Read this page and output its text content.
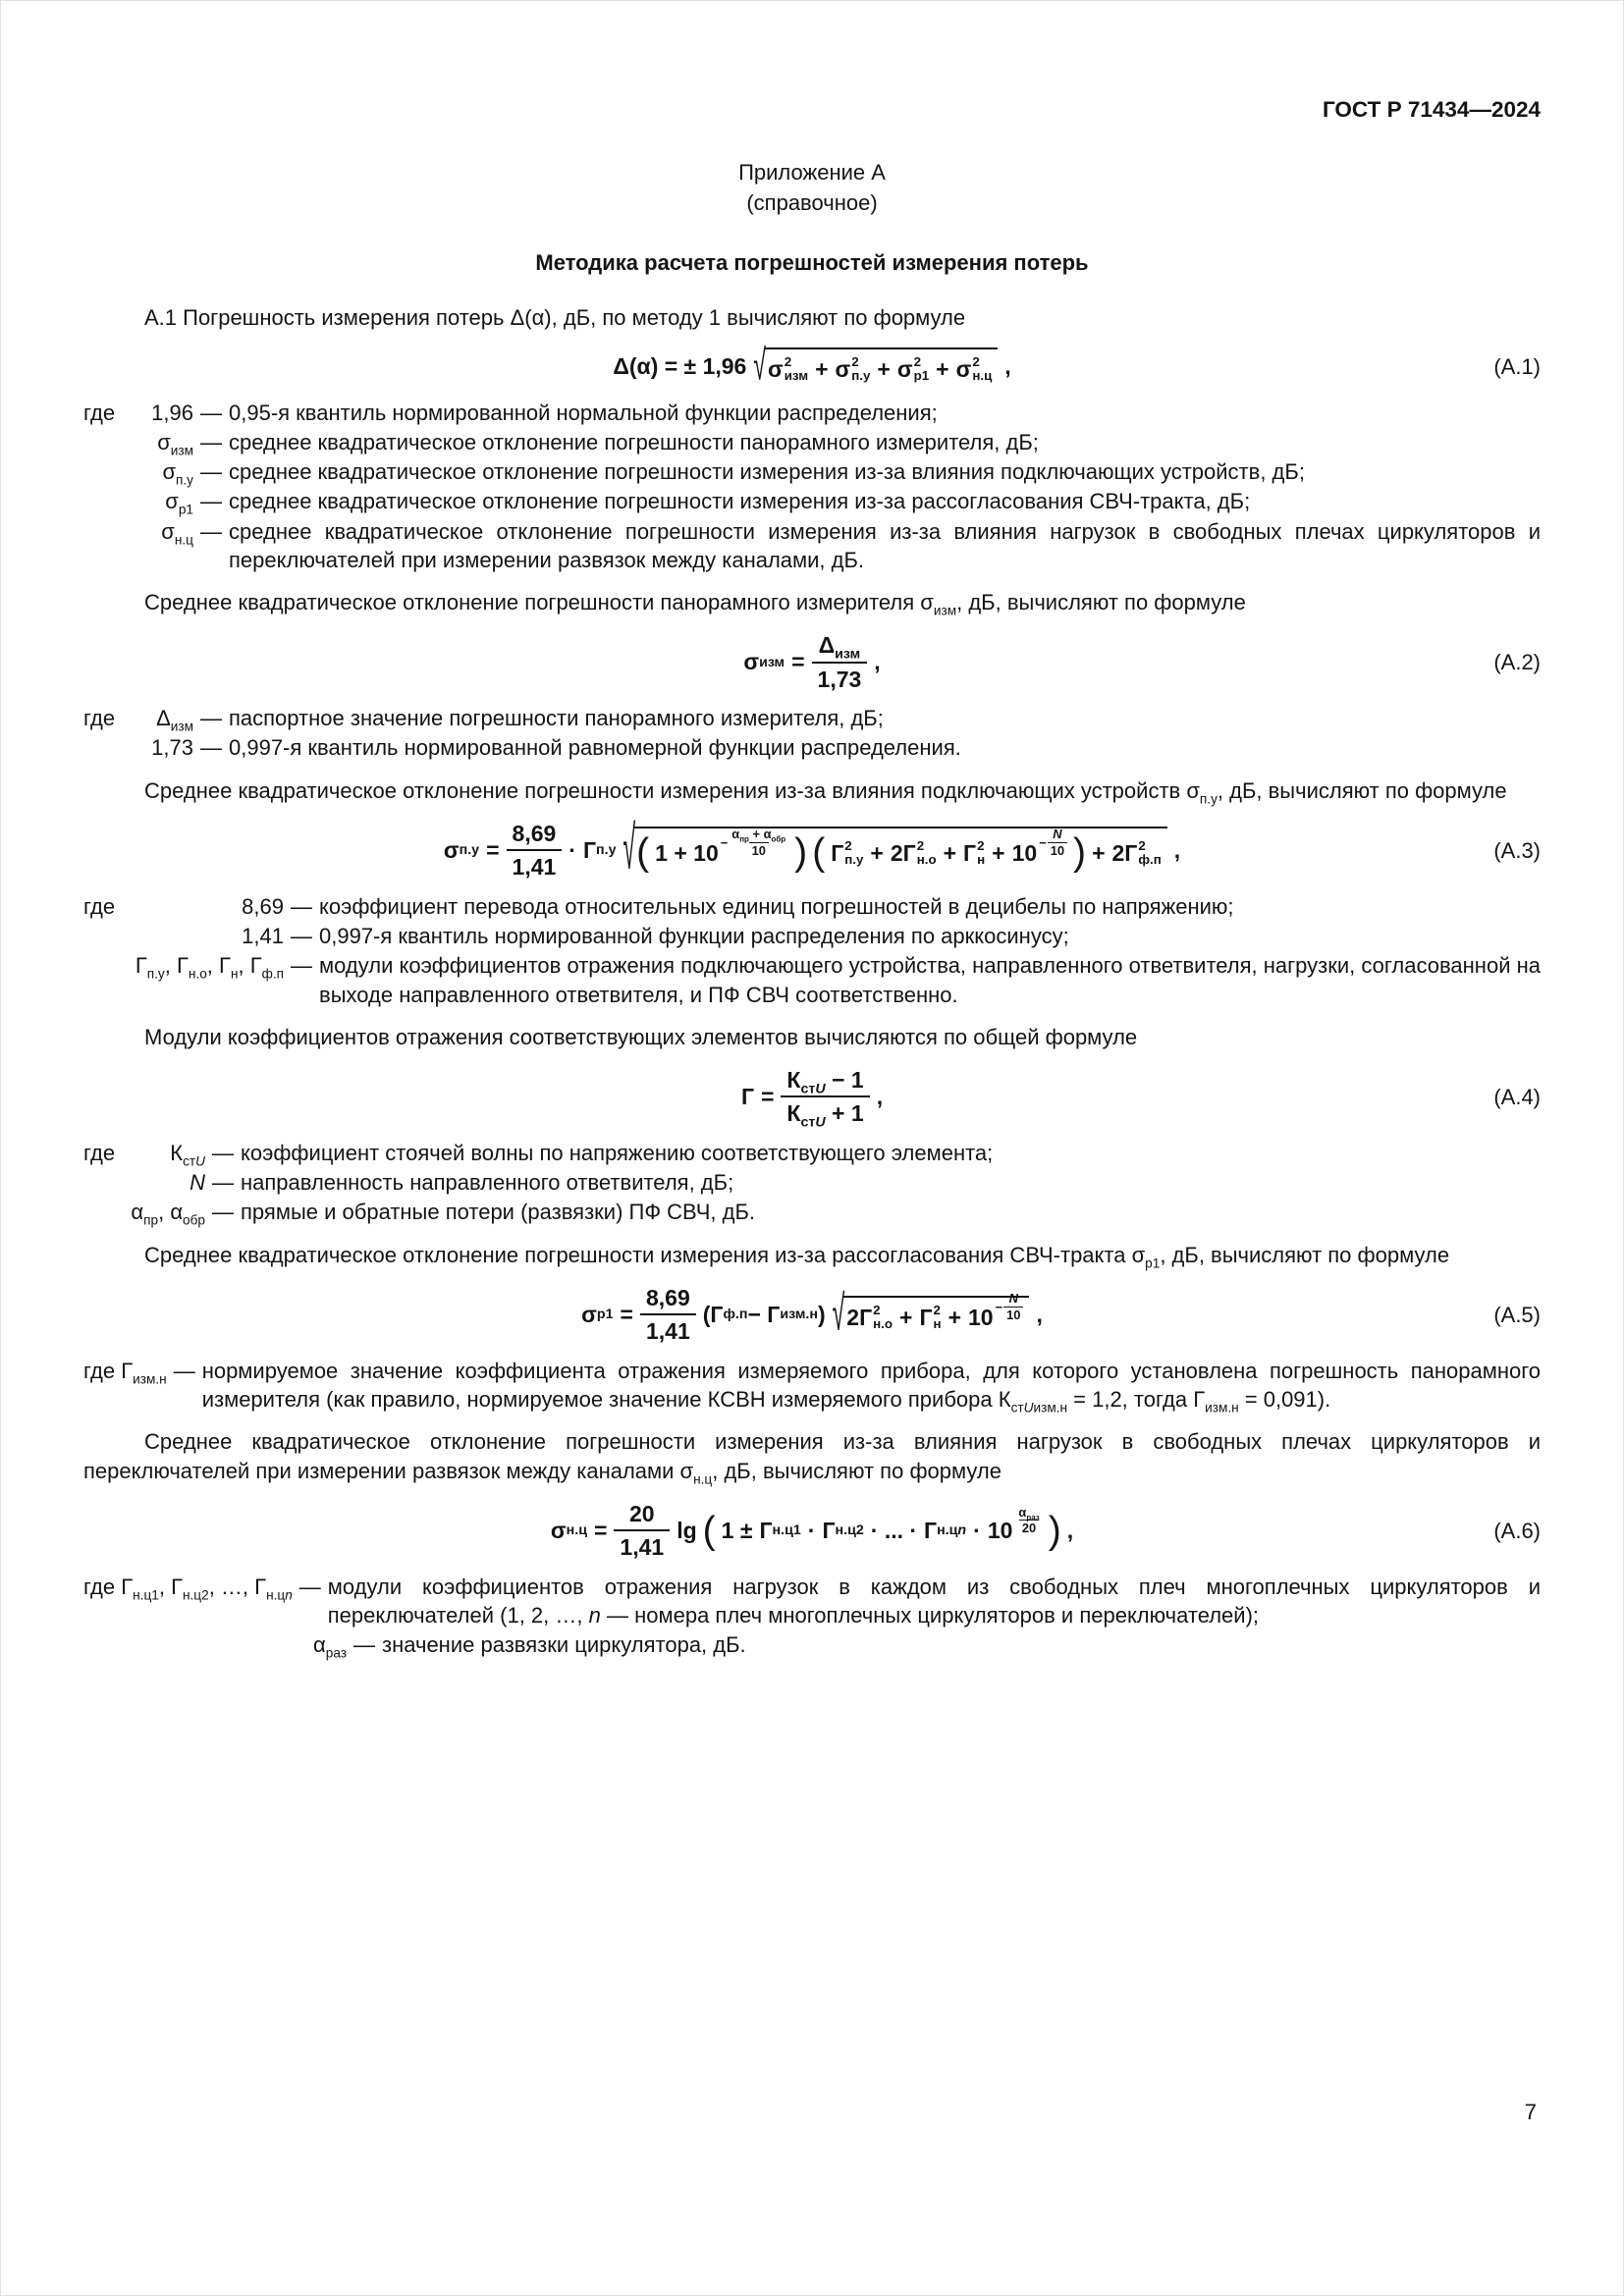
ГОСТ Р 71434—2024
Приложение А
(справочное)
Методика расчета погрешностей измерения потерь

А.1 Погрешность измерения потерь Δ(α), дБ, по методу 1 вычисляют по формуле

Δ(α) = ± 1,96 √ σ 2
изм + σ 2
п.у + σ 2
р1 + σ 2
н.ц ,	(А.1)
где	1,96 — 0,95-я квантиль нормированной нормальной функции распределения;
$\sigma_{изм}$ — среднее квадратическое отклонение погрешности панорамного измерителя, дБ;
$\sigma_{п.у}$ — среднее квадратическое отклонение погрешности измерения из-за влияния подключающих устройств, дБ;
$\sigma_{р1}$ — среднее квадратическое отклонение погрешности измерения из-за рассогласования СВЧ-тракта, дБ;
$\sigma_{н.ц}$ — среднее квадратическое отклонение погрешности измерения из-за влияния нагрузок в свободных плечах циркуляторов и переключателей при измерении развязок между каналами, дБ.

Среднее квадратическое отклонение погрешности панорамного измерителя $\sigma_{изм}$, дБ, вычисляют по формуле

σ изм = $\frac{\Delta_{изм}}{1,73}$ ,	(А.2)
где	$\Delta_{изм}$ — паспортное значение погрешности панорамного измерителя, дБ;
1,73 — 0,997-я квантиль нормированной равномерной функции распределения.

Среднее квадратическое отклонение погрешности измерения из-за влияния подключающих устройств $\sigma_{п.у}$, дБ, вычисляют по формуле

σ $п.у = \frac{8,69}{1,41} \cdot Г$ п.у √ ( 1 + 10 −
$\alpha_{пр} + \alpha_{обр}$
10 ) ( Г 2
п.у + 2 Г 2
н.о + Г 2
$н + 10 - \frac{N}{10}$ ) + 2 Г 2
ф.п ,	(А.3)
где	8,69 — коэффициент перевода относительных единиц погрешностей в децибелы по напряжению;
1,41 — 0,997-я квантиль нормированной функции распределения по арккосинусу;
$Г_{п.у}$, $Г_{н.о}$, $Г_н$, $Г_{ф.п}$ — модули коэффициентов отражения подключающего устройства, направленного ответвителя, нагрузки, согласованной на выходе направленного ответвителя, и ПФ СВЧ соответственно.

Модули коэффициентов отражения соответствующих элементов вычисляются по общей формуле

$Г = \frac{К_{стU} - 1}{К_{стU} + 1}$ ,	(А.4)
где	$К_{стU}$ — коэффициент стоячей волны по напряжению соответствующего элемента;
N — направленность направленного ответвителя, дБ;
$\alpha_{пр}$, $\alpha_{обр}$ — прямые и обратные потери (развязки) ПФ СВЧ, дБ.

Среднее квадратическое отклонение погрешности измерения из-за рассогласования СВЧ-тракта $\sigma_{р1}$, дБ, вычисляют по формуле

σ $р1 = \frac{8,69}{1,41} (Г$ ф.п − Г изм.н ) √ 2 Г 2
н.о + Г 2
$н + 10 - \frac{N}{10}$ ,	(А.5)
где $Г_{изм.н}$ — нормируемое значение коэффициента отражения измеряемого прибора, для которого установлена погрешность панорамного измерителя (как правило, нормируемое значение КСВН измеряемого прибора $К_{стUизм.н} = 1,2$, тогда $Г_{изм.н} = 0,091$).

Среднее квадратическое отклонение погрешности измерения из-за влияния нагрузок в свободных плечах циркуляторов и переключателей при измерении развязок между каналами $\sigma_{н.ц}$, дБ, вычисляют по формуле

σ $н.ц = \frac{20}{1,41}$ lg ( 1 ± Г н.ц1 · Г н.ц2 · ... · Г н.цn · 10
$\alpha_{раз}$
20 ) ,	(А.6)
где $Г_{н.ц1}$, $Г_{н.ц2}$, …, $Г_{н.цn}$ — модули коэффициентов отражения нагрузок в каждом из свободных плеч многоплечных циркуляторов и переключателей (1, 2, …, n — номера плеч многоплечных циркуляторов и переключателей);
$\alpha_{раз}$ — значение развязки циркулятора, дБ.
7
